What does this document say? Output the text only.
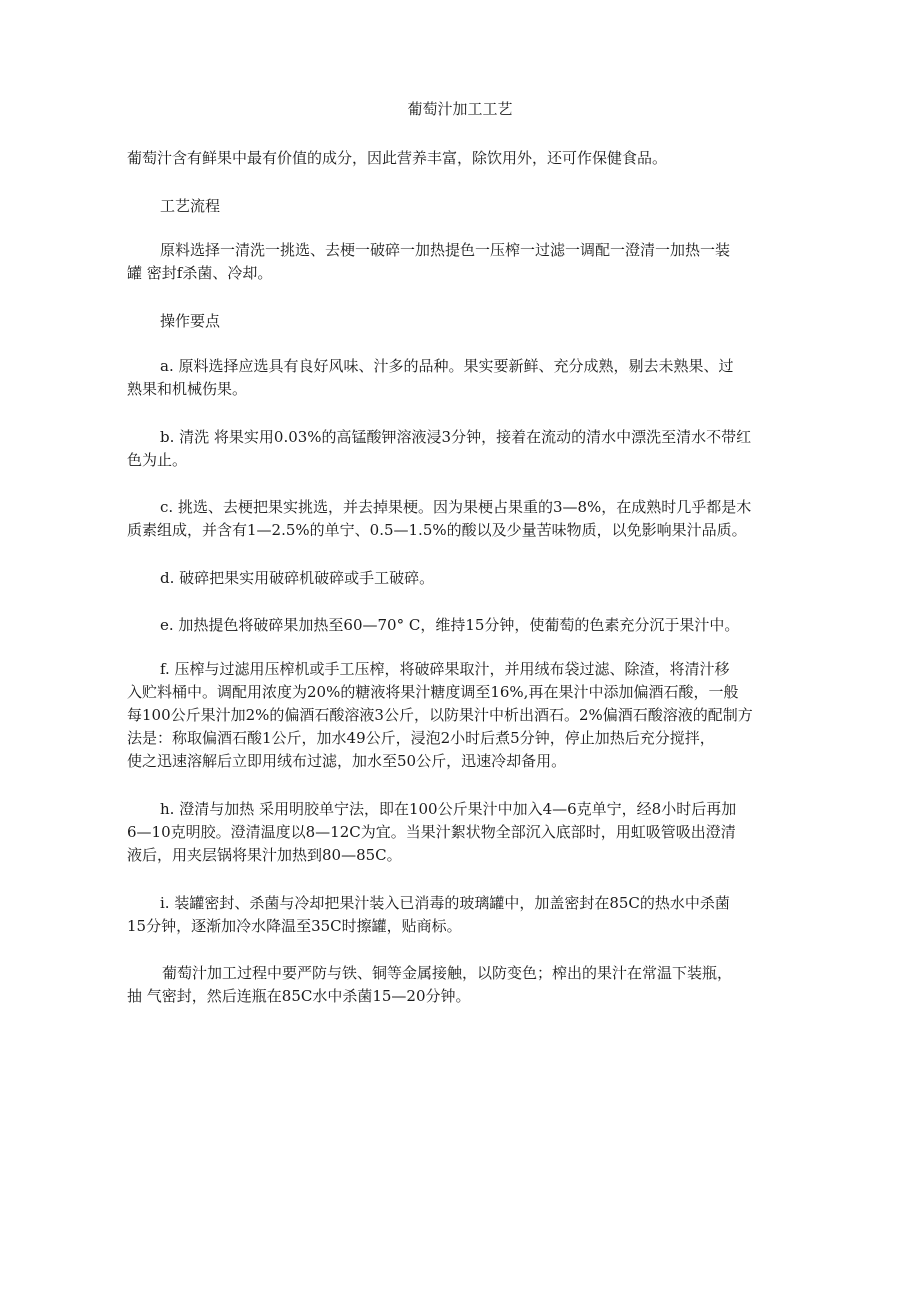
葡萄汁加工工艺

葡萄汁含有鲜果中最有价值的成分，因此营养丰富，除饮用外，还可作保健食品。

工艺流程

原料选择一清洗一挑选、去梗一破碎一加热提色一压榨一过滤一调配一澄清一加热一装
罐 密封f杀菌、冷却。

操作要点

a. 原料选择应选具有良好风味、汁多的品种。果实要新鲜、充分成熟，剔去未熟果、过
熟果和机械伤果。

b. 清洗 将果实用0.03%的高锰酸钾溶液浸3分钟，接着在流动的清水中漂洗至清水不带红
色为止。

c. 挑选、去梗把果实挑选，并去掉果梗。因为果梗占果重的3—8%，在成熟时几乎都是木
质素组成，并含有1—2.5%的单宁、0.5—1.5%的酸以及少量苦味物质，以免影响果汁品质。

d. 破碎把果实用破碎机破碎或手工破碎。

e. 加热提色将破碎果加热至60—70° C，维持15分钟，使葡萄的色素充分沉于果汁中。

f. 压榨与过滤用压榨机或手工压榨，将破碎果取汁，并用绒布袋过滤、除渣，将清汁移
入贮料桶中。调配用浓度为20%的糖液将果汁糖度调至16%,再在果汁中添加偏酒石酸，一般
每100公斤果汁加2%的偏酒石酸溶液3公斤，以防果汁中析出酒石。2%偏酒石酸溶液的配制方
法是：称取偏酒石酸1公斤，加水49公斤，浸泡2小时后煮5分钟，停止加热后充分搅拌，
使之迅速溶解后立即用绒布过滤，加水至50公斤，迅速冷却备用。

h. 澄清与加热 采用明胶单宁法，即在100公斤果汁中加入4—6克单宁，经8小时后再加
6—10克明胶。澄清温度以8—12C为宜。当果汁絮状物全部沉入底部时，用虹吸管吸出澄清
液后，用夹层锅将果汁加热到80—85C。

i. 装罐密封、杀菌与冷却把果汁装入已消毒的玻璃罐中，加盖密封在85C的热水中杀菌
15分钟，逐渐加冷水降温至35C时擦罐，贴商标。

葡萄汁加工过程中要严防与铁、铜等金属接触，以防变色；榨出的果汁在常温下装瓶，
抽 气密封，然后连瓶在85C水中杀菌15—20分钟。
